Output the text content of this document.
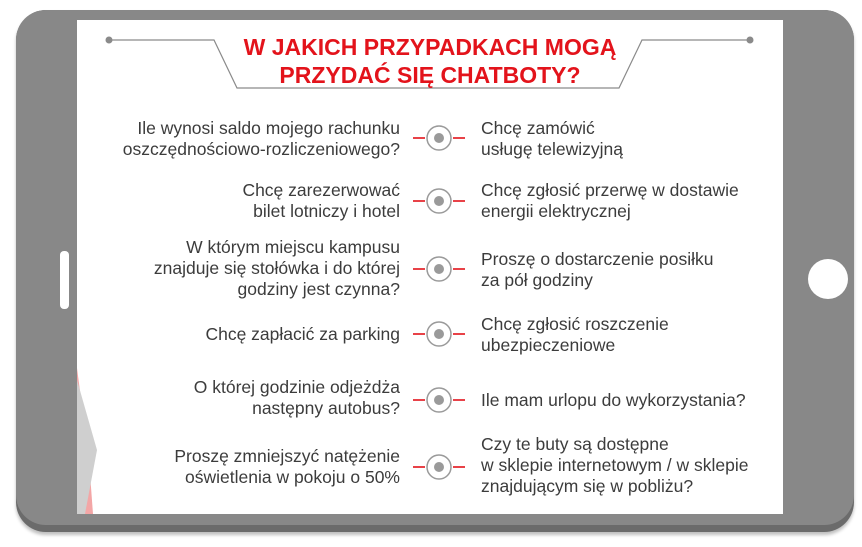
W JAKICH PRZYPADKACH MOGĄ
PRZYDAĆ SIĘ CHATBOTY?
Ile wynosi saldo mojego rachunku
oszczędnościowo-rozliczeniowego?
Chcę zamówić
usługę telewizyjną
Chcę zarezerwować
bilet lotniczy i hotel
Chcę zgłosić przerwę w dostawie
energii elektrycznej
W którym miejscu kampusu
znajduje się stołówka i do której
godziny jest czynna?
Proszę o dostarczenie posiłku
za pół godziny
Chcę zapłacić za parking	Chcę zgłosić roszczenie
ubezpieczeniowe
O której godzinie odjeżdża
następny autobus?	Ile mam urlopu do wykorzystania?
Proszę zmniejszyć natężenie
oświetlenia w pokoju o 50%
Czy te buty są dostępne
w sklepie internetowym / w sklepie
znajdującym się w pobliżu?
